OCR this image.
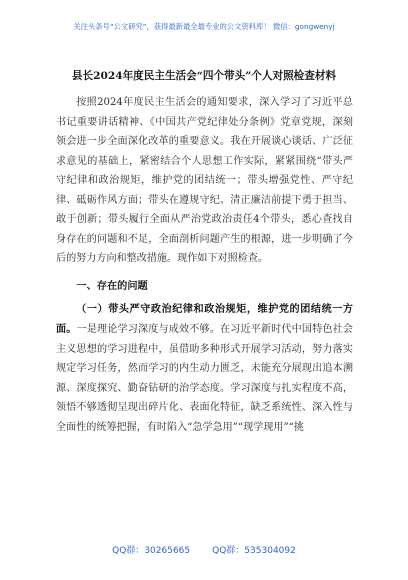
关注头条号“公文研究”，获得最新最全最专业的公文资料库！ 微信：gongwenyj
县长2024年度民主生活会“四个带头”个人对照检查材料

按照2024年度民主生活会的通知要求，深入学习了习近平总书记重要讲话精神、《中国共产党纪律处分条例》党章党规，深刻领会进一步全面深化改革的重要意义。我在开展谈心谈话、广泛征求意见的基础上，紧密结合个人思想工作实际，紧紧围绕“带头严守纪律和政治规矩，维护党的团结统一；带头增强党性、严守纪律、砥砺作风方面；带头在遵规守纪、清正廉洁前提下勇于担当、敢于创新；带头履行全面从严治党政治责任4个带头，悉心查找自身存在的问题和不足，全面剖析问题产生的根源，进一步明确了今后的努力方向和整改措施。现作如下对照检查。

一、存在的问题

（一）带头严守政治纪律和政治规矩，维护党的团结统一方面。一是理论学习深度与成效不够。在习近平新时代中国特色社会主义思想的学习进程中，虽借助多种形式开展学习活动，努力落实规定学习任务，然而学习的内生动力匮乏，未能充分展现出追本溯源、深度探究、勤奋钻研的治学态度。学习深度与扎实程度不高，领悟不够透彻呈现出碎片化、表面化特征，缺乏系统性、深入性与全面性的统筹把握，有时陷入“急学急用”“现学现用”“挑

QQ群：30265665 QQ群：535304092
